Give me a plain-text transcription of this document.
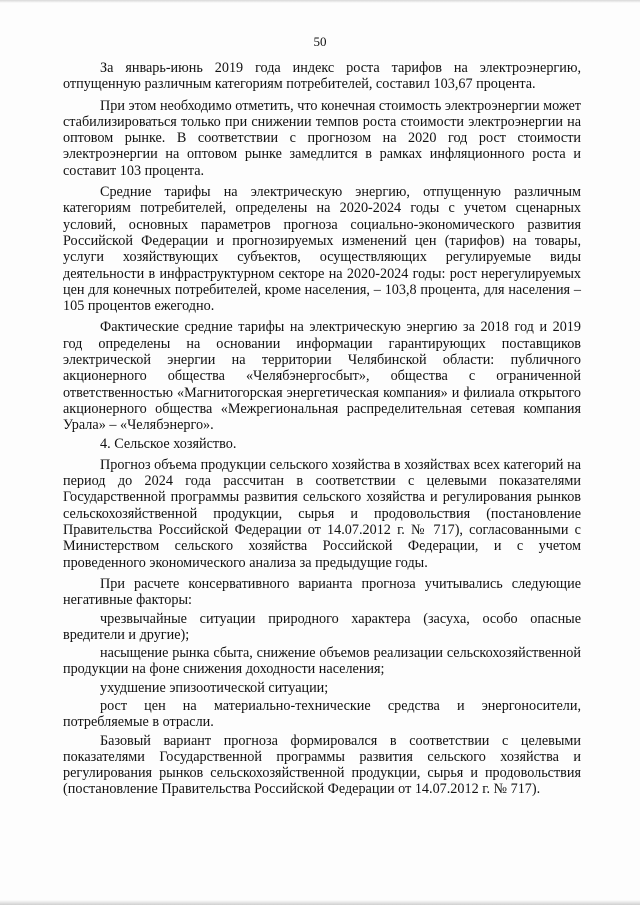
50

За январь-июнь 2019 года индекс роста тарифов на электроэнергию, отпущенную различным категориям потребителей, составил 103,67 процента.

При этом необходимо отметить, что конечная стоимость электроэнергии может стабилизироваться только при снижении темпов роста стоимости электроэнергии на оптовом рынке. В соответствии с прогнозом на 2020 год рост стоимости электроэнергии на оптовом рынке замедлится в рамках инфляционного роста и составит 103 процента.

Средние тарифы на электрическую энергию, отпущенную различным категориям потребителей, определены на 2020-2024 годы с учетом сценарных условий, основных параметров прогноза социально-экономического развития Российской Федерации и прогнозируемых изменений цен (тарифов) на товары, услуги хозяйствующих субъектов, осуществляющих регулируемые виды деятельности в инфраструктурном секторе на 2020-2024 годы: рост нерегулируемых цен для конечных потребителей, кроме населения, – 103,8 процента, для населения – 105 процентов ежегодно.

Фактические средние тарифы на электрическую энергию за 2018 год и 2019 год определены на основании информации гарантирующих поставщиков электрической энергии на территории Челябинской области: публичного акционерного общества «Челябэнергосбыт», общества с ограниченной ответственностью «Магнитогорская энергетическая компания» и филиала открытого акционерного общества «Межрегиональная распределительная сетевая компания Урала» – «Челябэнерго».

4. Сельское хозяйство.

Прогноз объема продукции сельского хозяйства в хозяйствах всех категорий на период до 2024 года рассчитан в соответствии с целевыми показателями Государственной программы развития сельского хозяйства и регулирования рынков сельскохозяйственной продукции, сырья и продовольствия (постановление Правительства Российской Федерации от 14.07.2012 г. № 717), согласованными с Министерством сельского хозяйства Российской Федерации, и с учетом проведенного экономического анализа за предыдущие годы.

При расчете консервативного варианта прогноза учитывались следующие негативные факторы:

чрезвычайные ситуации природного характера (засуха, особо опасные вредители и другие);

насыщение рынка сбыта, снижение объемов реализации сельскохозяйственной продукции на фоне снижения доходности населения;

ухудшение эпизоотической ситуации;

рост цен на материально-технические средства и энергоносители, потребляемые в отрасли.

Базовый вариант прогноза формировался в соответствии с целевыми показателями Государственной программы развития сельского хозяйства и регулирования рынков сельскохозяйственной продукции, сырья и продовольствия (постановление Правительства Российской Федерации от 14.07.2012 г. № 717).
